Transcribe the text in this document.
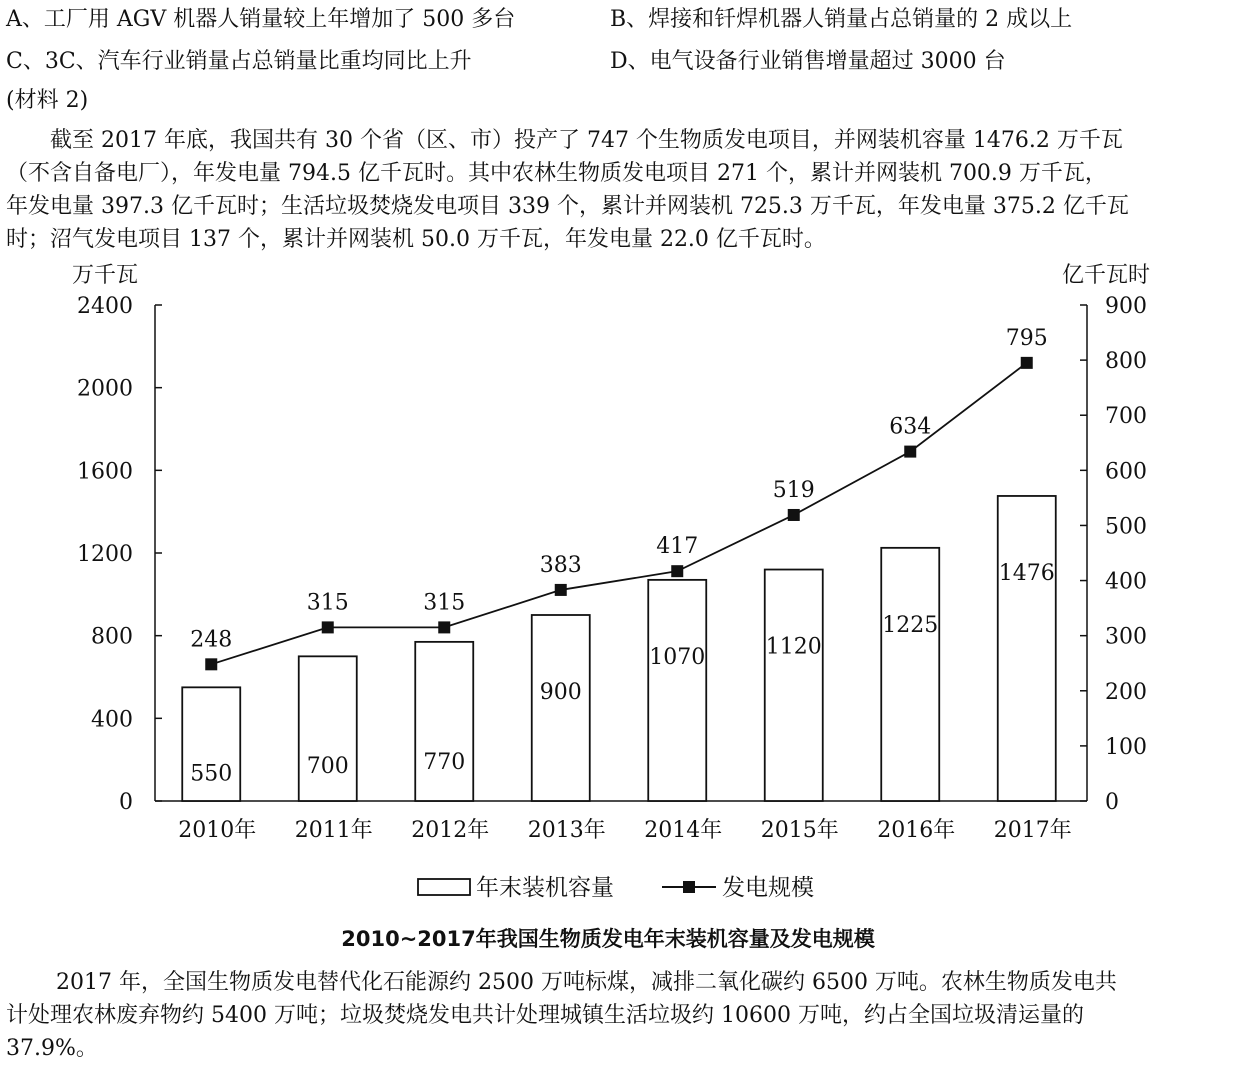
A、工厂用 AGV 机器人销量较上年增加了 500 多台	B、焊接和钎焊机器人销量占总销量的 2 成以上
C、3C、汽车行业销量占总销量比重均同比上升	D、电气设备行业销售增量超过 3000 台
(材料 2)
截至 2017 年底，我国共有 30 个省（区、市）投产了 747 个生物质发电项目，并网装机容量 1476.2 万千瓦
（不含自备电厂），年发电量 794.5 亿千瓦时。其中农林生物质发电项目 271 个，累计并网装机 700.9 万千瓦，
年发电量 397.3 亿千瓦时；生活垃圾焚烧发电项目 339 个，累计并网装机 725.3 万千瓦，年发电量 375.2 亿千瓦
时；沼气发电项目 137 个，累计并网装机 50.0 万千瓦，年发电量 22.0 亿千瓦时。
万千瓦	亿千瓦时
0
400
800
1200
1600
2000
2400
0
100
200
300
400
500
600
700
800
900
2010年 2011年 2012年 2013年 2014年 2015年 2016年 2017年
550	700	770
900
1070	1120
1225
1476
248
315	315
383
417
519
634
795
年末装机容量	发电规模
2010~2017年我国生物质发电年末装机容量及发电规模
2017 年，全国生物质发电替代化石能源约 2500 万吨标煤，减排二氧化碳约 6500 万吨。农林生物质发电共
计处理农林废弃物约 5400 万吨；垃圾焚烧发电共计处理城镇生活垃圾约 10600 万吨，约占全国垃圾清运量的
37.9%。
